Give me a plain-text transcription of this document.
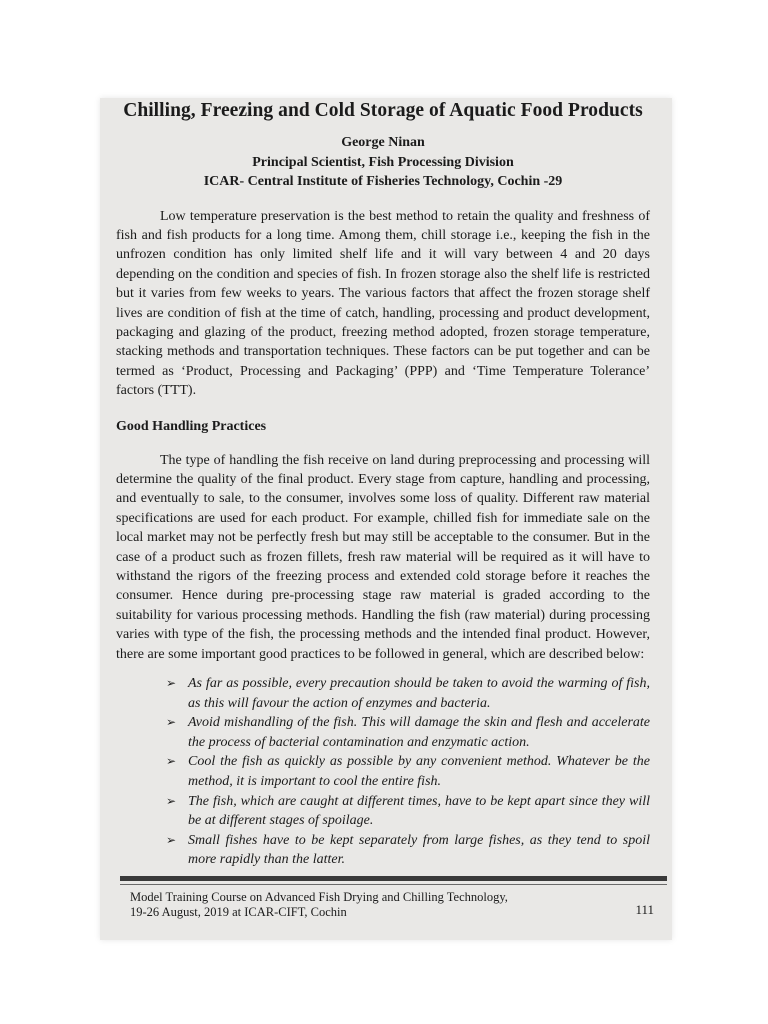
Chilling, Freezing and Cold Storage of Aquatic Food Products
George Ninan
Principal Scientist, Fish Processing Division
ICAR- Central Institute of Fisheries Technology, Cochin -29

Low temperature preservation is the best method to retain the quality and freshness of fish and fish products for a long time. Among them, chill storage i.e., keeping the fish in the unfrozen condition has only limited shelf life and it will vary between 4 and 20 days depending on the condition and species of fish. In frozen storage also the shelf life is restricted but it varies from few weeks to years. The various factors that affect the frozen storage shelf lives are condition of fish at the time of catch, handling, processing and product development, packaging and glazing of the product, freezing method adopted, frozen storage temperature, stacking methods and transportation techniques. These factors can be put together and can be termed as ‘Product, Processing and Packaging’ (PPP) and ‘Time Temperature Tolerance’ factors (TTT).

Good Handling Practices

The type of handling the fish receive on land during preprocessing and processing will determine the quality of the final product. Every stage from capture, handling and processing, and eventually to sale, to the consumer, involves some loss of quality. Different raw material specifications are used for each product. For example, chilled fish for immediate sale on the local market may not be perfectly fresh but may still be acceptable to the consumer. But in the case of a product such as frozen fillets, fresh raw material will be required as it will have to withstand the rigors of the freezing process and extended cold storage before it reaches the consumer. Hence during pre-processing stage raw material is graded according to the suitability for various processing methods. Handling the fish (raw material) during processing varies with type of the fish, the processing methods and the intended final product. However, there are some important good practices to be followed in general, which are described below:

➢ As far as possible, every precaution should be taken to avoid the warming of fish, as this will favour the action of enzymes and bacteria.
➢ Avoid mishandling of the fish. This will damage the skin and flesh and accelerate the process of bacterial contamination and enzymatic action.
➢ Cool the fish as quickly as possible by any convenient method. Whatever be the method, it is important to cool the entire fish.
➢ The fish, which are caught at different times, have to be kept apart since they will be at different stages of spoilage.
➢ Small fishes have to be kept separately from large fishes, as they tend to spoil more rapidly than the latter.
Model Training Course on Advanced Fish Drying and Chilling Technology,
19-26 August, 2019 at ICAR-CIFT, Cochin	111
